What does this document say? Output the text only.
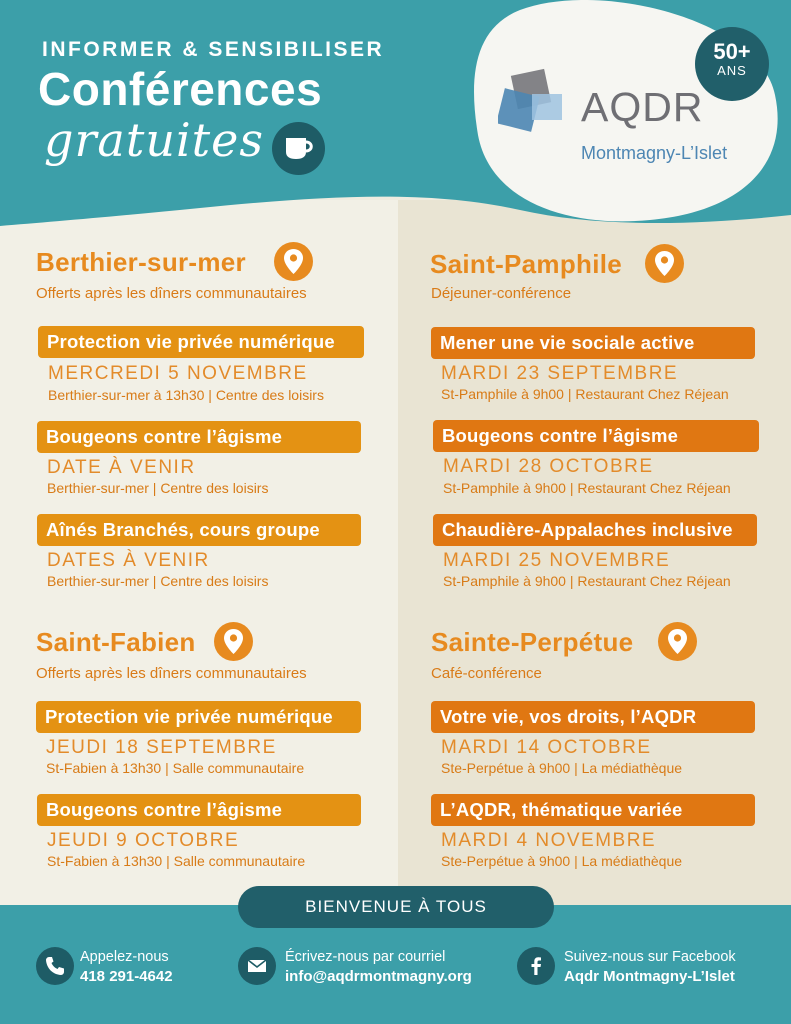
INFORMER & SENSIBILISER
Conférences
gratuites
AQDR
Montmagny-L’Islet
50+
ANS
Berthier-sur-mer
Offerts après les dîners communautaires
Protection vie privée numérique
MERCREDI 5 NOVEMBRE
Berthier-sur-mer à 13h30 | Centre des loisirs
Bougeons contre l’âgisme
DATE À VENIR
Berthier-sur-mer | Centre des loisirs
Aînés Branchés, cours groupe
DATES À VENIR
Berthier-sur-mer | Centre des loisirs
Saint-Pamphile
Déjeuner-conférence
Mener une vie sociale active
MARDI 23 SEPTEMBRE
St-Pamphile à 9h00 | Restaurant Chez Réjean
Bougeons contre l’âgisme
MARDI 28 OCTOBRE
St-Pamphile à 9h00 | Restaurant Chez Réjean
Chaudière-Appalaches inclusive
MARDI 25 NOVEMBRE
St-Pamphile à 9h00 | Restaurant Chez Réjean
Saint-Fabien
Offerts après les dîners communautaires
Protection vie privée numérique
JEUDI 18 SEPTEMBRE
St-Fabien à 13h30 | Salle communautaire
Bougeons contre l’âgisme
JEUDI 9 OCTOBRE
St-Fabien à 13h30 | Salle communautaire
Sainte-Perpétue
Café-conférence
Votre vie, vos droits, l’AQDR
MARDI 14 OCTOBRE
Ste-Perpétue à 9h00 | La médiathèque
L’AQDR, thématique variée
MARDI 4 NOVEMBRE
Ste-Perpétue à 9h00 | La médiathèque
BIENVENUE À TOUS
Appelez-nous
418 291-4642
Écrivez-nous par courriel
info@aqdrmontmagny.org
Suivez-nous sur Facebook
Aqdr Montmagny-L’Islet
